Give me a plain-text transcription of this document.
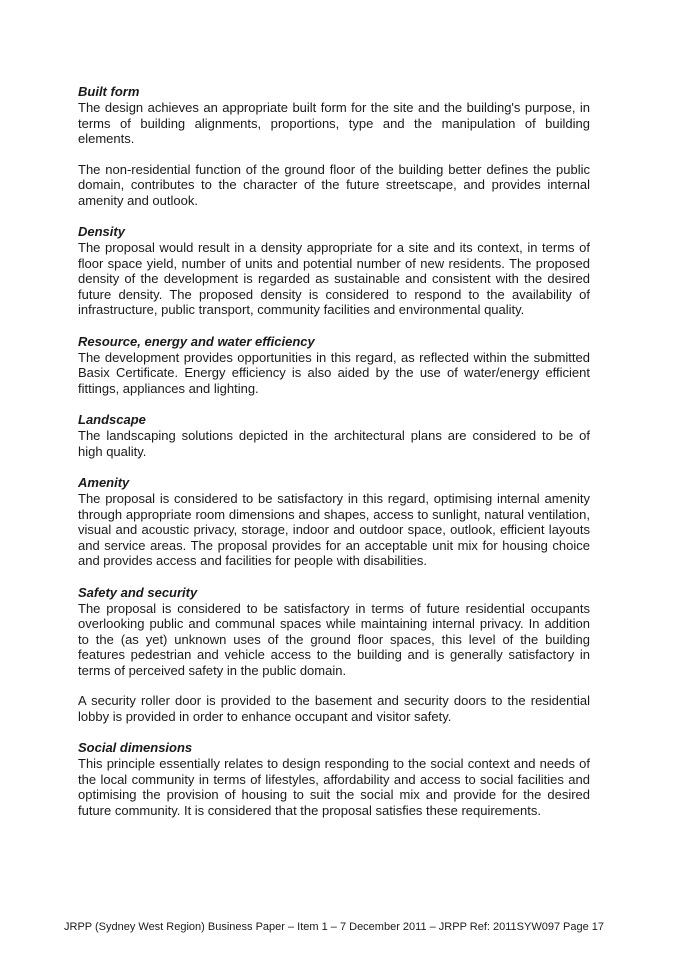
Built form

The design achieves an appropriate built form for the site and the building's purpose, in terms of building alignments, proportions, type and the manipulation of building elements.

The non-residential function of the ground floor of the building better defines the public domain, contributes to the character of the future streetscape, and provides internal amenity and outlook.

Density

The proposal would result in a density appropriate for a site and its context, in terms of floor space yield, number of units and potential number of new residents. The proposed density of the development is regarded as sustainable and consistent with the desired future density. The proposed density is considered to respond to the availability of infrastructure, public transport, community facilities and environmental quality.

Resource, energy and water efficiency

The development provides opportunities in this regard, as reflected within the submitted Basix Certificate. Energy efficiency is also aided by the use of water/energy efficient fittings, appliances and lighting.

Landscape

The landscaping solutions depicted in the architectural plans are considered to be of high quality.

Amenity

The proposal is considered to be satisfactory in this regard, optimising internal amenity through appropriate room dimensions and shapes, access to sunlight, natural ventilation, visual and acoustic privacy, storage, indoor and outdoor space, outlook, efficient layouts and service areas. The proposal provides for an acceptable unit mix for housing choice and provides access and facilities for people with disabilities.

Safety and security

The proposal is considered to be satisfactory in terms of future residential occupants overlooking public and communal spaces while maintaining internal privacy. In addition to the (as yet) unknown uses of the ground floor spaces, this level of the building features pedestrian and vehicle access to the building and is generally satisfactory in terms of perceived safety in the public domain.

A security roller door is provided to the basement and security doors to the residential lobby is provided in order to enhance occupant and visitor safety.

Social dimensions

This principle essentially relates to design responding to the social context and needs of the local community in terms of lifestyles, affordability and access to social facilities and optimising the provision of housing to suit the social mix and provide for the desired future community. It is considered that the proposal satisfies these requirements.

JRPP (Sydney West Region) Business Paper – Item 1 – 7 December 2011 – JRPP Ref: 2011SYW097 Page 17
